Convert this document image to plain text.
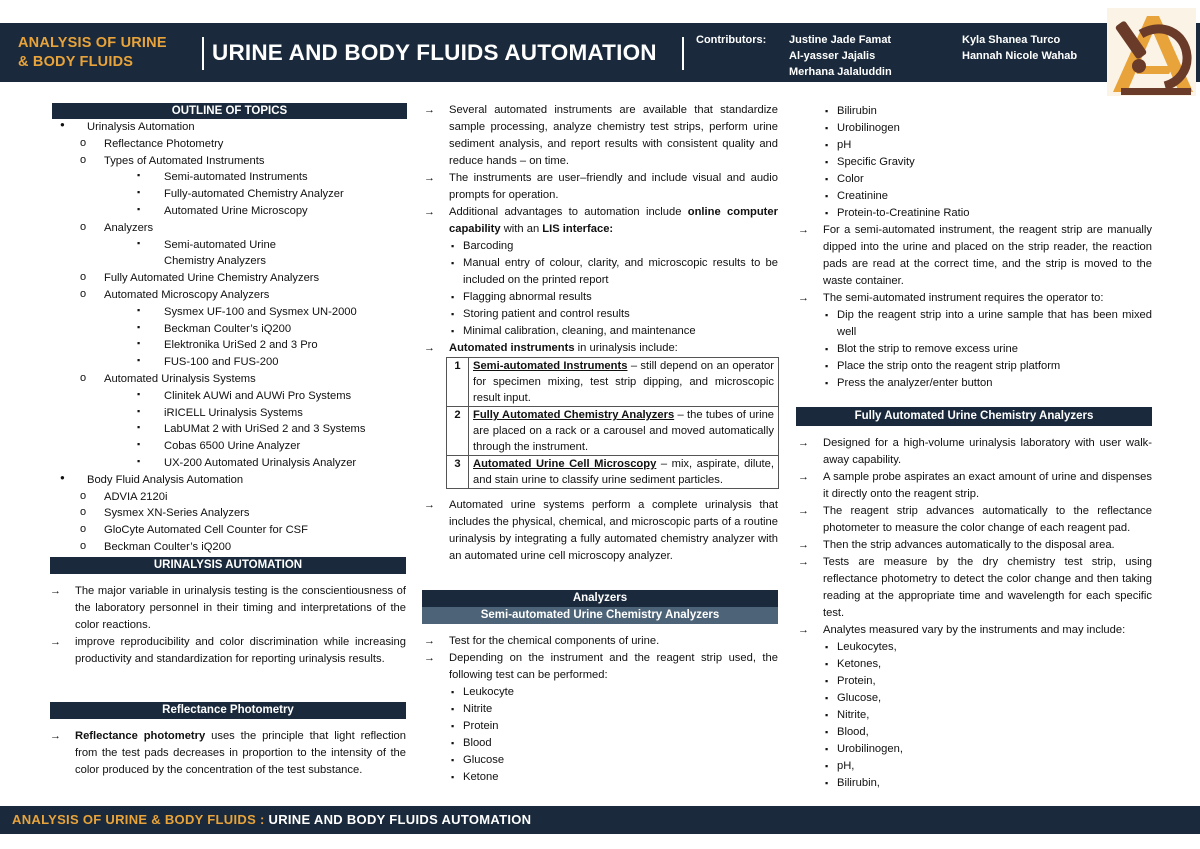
ANALYSIS OF URINE
& BODY FLUIDS	URINE AND BODY FLUIDS AUTOMATION	Contributors: Justine Jade Famat
Al-yasser Jajalis
Merhana Jalaluddin
Kyla Shanea Turco
Hannah Nicole Wahab
OUTLINE OF TOPICS
● Urinalysis Automation
o Reflectance Photometry
o Types of Automated Instruments
▪ Semi-automated Instruments
▪ Fully-automated Chemistry Analyzer
▪ Automated Urine Microscopy
o Analyzers
▪ Semi-automated Urine Chemistry Analyzers
o Fully Automated Urine Chemistry Analyzers
o Automated Microscopy Analyzers
▪ Sysmex UF-100 and Sysmex UN-2000
▪ Beckman Coulter’s iQ200
▪ Elektronika UriSed 2 and 3 Pro
▪ FUS-100 and FUS-200
o Automated Urinalysis Systems
▪ Clinitek AUWi and AUWi Pro Systems
▪ iRICELL Urinalysis Systems
▪ LabUMat 2 with UriSed 2 and 3 Systems
▪ Cobas 6500 Urine Analyzer
▪ UX-200 Automated Urinalysis Analyzer
● Body Fluid Analysis Automation
o ADVIA 2120i
o Sysmex XN-Series Analyzers
o GloCyte Automated Cell Counter for CSF
o Beckman Coulter’s iQ200
URINALYSIS AUTOMATION
→ The major variable in urinalysis testing is the conscientiousness of the laboratory personnel in their timing and interpretations of the color reactions.
→ improve reproducibility and color discrimination while increasing productivity and standardization for reporting urinalysis results.
Reflectance Photometry
→ Reflectance photometry uses the principle that light reflection from the test pads decreases in proportion to the intensity of the color produced by the concentration of the test substance.
→ Several automated instruments are available that standardize sample processing, analyze chemistry test strips, perform urine sediment analysis, and report results with consistent quality and reduce hands – on time.
→ The instruments are user–friendly and include visual and audio prompts for operation.
→ Additional advantages to automation include online computer capability with an LIS interface:
▪ Barcoding
▪ Manual entry of colour, clarity, and microscopic results to be included on the printed report
▪ Flagging abnormal results
▪ Storing patient and control results
▪ Minimal calibration, cleaning, and maintenance
→ Automated instruments in urinalysis include:
1	Semi-automated Instruments – still depend on an operator for specimen mixing, test strip dipping, and microscopic result input.
2	Fully Automated Chemistry Analyzers – the tubes of urine are placed on a rack or a carousel and moved automatically through the instrument.
3	Automated Urine Cell Microscopy – mix, aspirate, dilute, and stain urine to classify urine sediment particles.
→ Automated urine systems perform a complete urinalysis that includes the physical, chemical, and microscopic parts of a routine urinalysis by integrating a fully automated chemistry analyzer with an automated urine cell microscopy analyzer.
Analyzers
Semi-automated Urine Chemistry Analyzers
→ Test for the chemical components of urine.
→ Depending on the instrument and the reagent strip used, the following test can be performed:
▪ Leukocyte
▪ Nitrite
▪ Protein
▪ Blood
▪ Glucose
▪ Ketone
▪ Bilirubin
▪ Urobilinogen
▪ pH
▪ Specific Gravity
▪ Color
▪ Creatinine
▪ Protein-to-Creatinine Ratio
→ For a semi-automated instrument, the reagent strip are manually dipped into the urine and placed on the strip reader, the reaction pads are read at the correct time, and the strip is moved to the waste container.
→ The semi-automated instrument requires the operator to:
▪ Dip the reagent strip into a urine sample that has been mixed well
▪ Blot the strip to remove excess urine
▪ Place the strip onto the reagent strip platform
▪ Press the analyzer/enter button
Fully Automated Urine Chemistry Analyzers
→ Designed for a high-volume urinalysis laboratory with user walk-away capability.
→ A sample probe aspirates an exact amount of urine and dispenses it directly onto the reagent strip.
→ The reagent strip advances automatically to the reflectance photometer to measure the color change of each reagent pad.
→ Then the strip advances automatically to the disposal area.
→ Tests are measure by the dry chemistry test strip, using reflectance photometry to detect the color change and then taking reading at the appropriate time and wavelength for each specific test.
→ Analytes measured vary by the instruments and may include:
▪ Leukocytes,
▪ Ketones,
▪ Protein,
▪ Glucose,
▪ Nitrite,
▪ Blood,
▪ Urobilinogen,
▪ pH,
▪ Bilirubin,
ANALYSIS OF URINE & BODY FLUIDS : URINE AND BODY FLUIDS AUTOMATION
